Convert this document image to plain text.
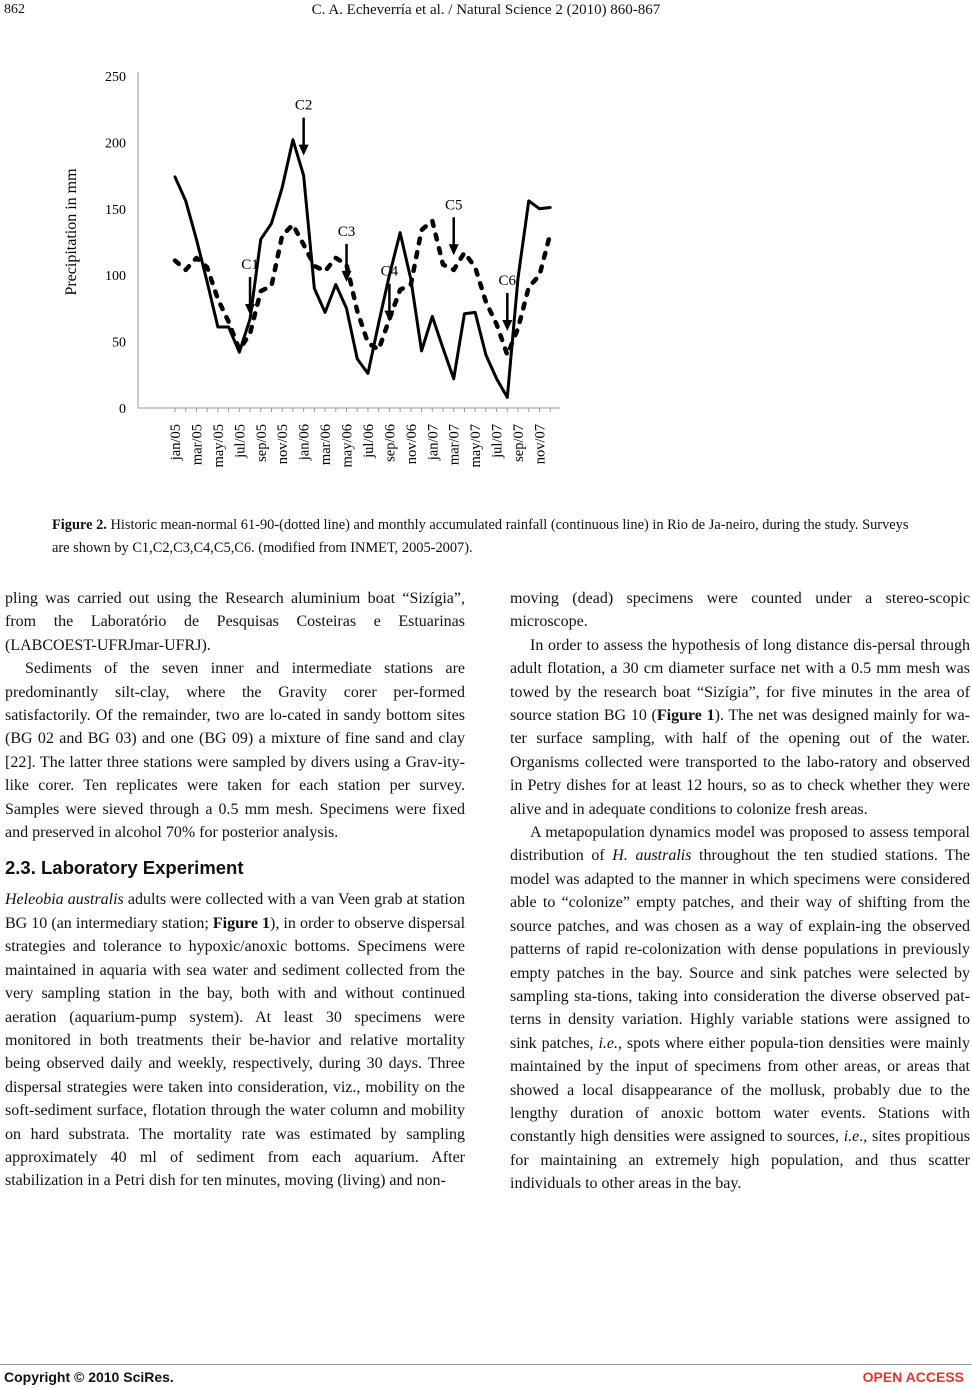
862	C. A. Echeverría et al. / Natural Science 2 (2010) 860-867
0
50
100
150
200
250
Precipitation in mm
jan/05 mar/05 may/05 jul/05 sep/05 nov/05 jan/06 mar/06 may/06 jul/06 sep/06 nov/06 jan/07 mar/07 may/07 jul/07 sep/07 nov/07
C1
C2
C3
C4
C5
C6
Figure 2. Historic mean-normal 61-90-(dotted line) and monthly accumulated rainfall (continuous line) in Rio de Ja-neiro, during the study. Surveys are shown by C1,C2,C3,C4,C5,C6. (modified from INMET, 2005-2007).

pling was carried out using the Research aluminium boat “Sizígia”, from the Laboratório de Pesquisas Costeiras e Estuarinas (LABCOEST-UFRJmar-UFRJ).

Sediments of the seven inner and intermediate stations are predominantly silt-clay, where the Gravity corer per-formed satisfactorily. Of the remainder, two are lo-cated in sandy bottom sites (BG 02 and BG 03) and one (BG 09) a mixture of fine sand and clay [22]. The latter three stations were sampled by divers using a Grav-ity-like corer. Ten replicates were taken for each station per survey. Samples were sieved through a 0.5 mm mesh. Specimens were fixed and preserved in alcohol 70% for posterior analysis.

2.3. Laboratory Experiment

Heleobia australis adults were collected with a van Veen grab at station BG 10 (an intermediary station; Figure 1), in order to observe dispersal strategies and tolerance to hypoxic/anoxic bottoms. Specimens were maintained in aquaria with sea water and sediment collected from the very sampling station in the bay, both with and without continued aeration (aquarium-pump system). At least 30 specimens were monitored in both treatments their be-havior and relative mortality being observed daily and weekly, respectively, during 30 days. Three dispersal strategies were taken into consideration, viz., mobility on the soft-sediment surface, flotation through the water column and mobility on hard substrata. The mortality rate was estimated by sampling approximately 40 ml of sediment from each aquarium. After stabilization in a Petri dish for ten minutes, moving (living) and non-

moving (dead) specimens were counted under a stereo-scopic microscope.

In order to assess the hypothesis of long distance dis-persal through adult flotation, a 30 cm diameter surface net with a 0.5 mm mesh was towed by the research boat “Sizígia”, for five minutes in the area of source station BG 10 (Figure 1). The net was designed mainly for wa-ter surface sampling, with half of the opening out of the water. Organisms collected were transported to the labo-ratory and observed in Petry dishes for at least 12 hours, so as to check whether they were alive and in adequate conditions to colonize fresh areas.

A metapopulation dynamics model was proposed to assess temporal distribution of H. australis throughout the ten studied stations. The model was adapted to the manner in which specimens were considered able to “colonize” empty patches, and their way of shifting from the source patches, and was chosen as a way of explain-ing the observed patterns of rapid re-colonization with dense populations in previously empty patches in the bay. Source and sink patches were selected by sampling sta-tions, taking into consideration the diverse observed pat-terns in density variation. Highly variable stations were assigned to sink patches, i.e., spots where either popula-tion densities were mainly maintained by the input of specimens from other areas, or areas that showed a local disappearance of the mollusk, probably due to the lengthy duration of anoxic bottom water events. Stations with constantly high densities were assigned to sources, i.e., sites propitious for maintaining an extremely high population, and thus scatter individuals to other areas in the bay.

Copyright © 2010 SciRes.	OPEN ACCESS
